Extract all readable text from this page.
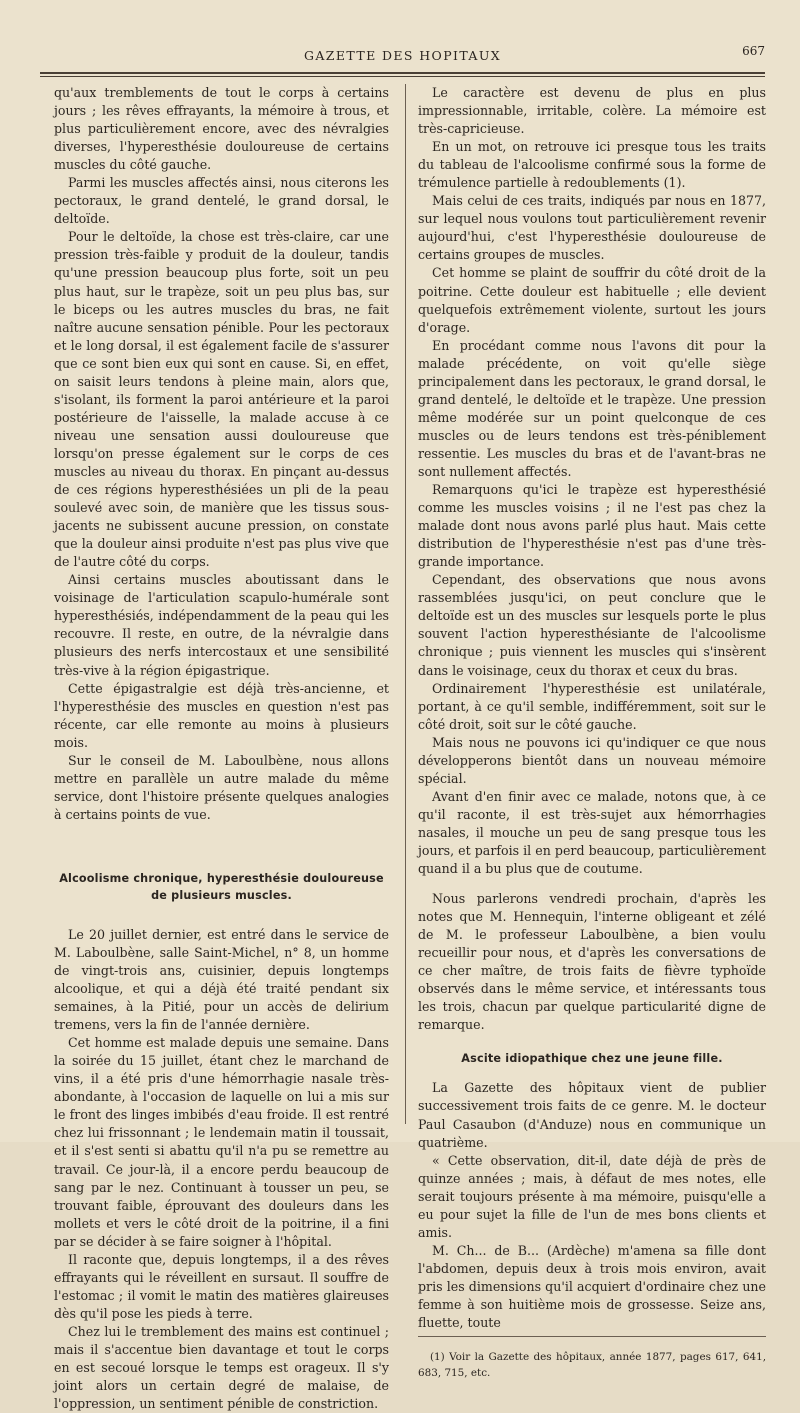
GAZETTE DES HOPITAUX	667

qu'aux tremblements de tout le corps à certains jours ; les rêves effrayants, la mémoire à trous, et plus particulièrement encore, avec des névralgies diverses, l'hyperesthésie douloureuse de certains muscles du côté gauche.

Parmi les muscles affectés ainsi, nous citerons les pectoraux, le grand dentelé, le grand dorsal, le deltoïde.

Pour le deltoïde, la chose est très-claire, car une pression très-faible y produit de la douleur, tandis qu'une pression beaucoup plus forte, soit un peu plus haut, sur le trapèze, soit un peu plus bas, sur le biceps ou les autres muscles du bras, ne fait naître aucune sensation pénible. Pour les pectoraux et le long dorsal, il est également facile de s'assurer que ce sont bien eux qui sont en cause. Si, en effet, on saisit leurs tendons à pleine main, alors que, s'isolant, ils forment la paroi antérieure et la paroi postérieure de l'aisselle, la malade accuse à ce niveau une sensation aussi douloureuse que lorsqu'on presse également sur le corps de ces muscles au niveau du thorax. En pinçant au-dessus de ces régions hyperesthésiées un pli de la peau soulevé avec soin, de manière que les tissus sous-jacents ne subissent aucune pression, on constate que la douleur ainsi produite n'est pas plus vive que de l'autre côté du corps.

Ainsi certains muscles aboutissant dans le voisinage de l'articulation scapulo-humérale sont hyperesthésiés, indépendamment de la peau qui les recouvre. Il reste, en outre, de la névralgie dans plusieurs des nerfs intercostaux et une sensibilité très-vive à la région épigastrique.

Cette épigastralgie est déjà très-ancienne, et l'hyperesthésie des muscles en question n'est pas récente, car elle remonte au moins à plusieurs mois.

Sur le conseil de M. Laboulbène, nous allons mettre en parallèle un autre malade du même service, dont l'histoire présente quelques analogies à certains points de vue.

Alcoolisme chronique, hyperesthésie douloureuse
de plusieurs muscles.

Le 20 juillet dernier, est entré dans le service de M. Laboulbène, salle Saint-Michel, n° 8, un homme de vingt-trois ans, cuisinier, depuis longtemps alcoolique, et qui a déjà été traité pendant six semaines, à la Pitié, pour un accès de delirium tremens, vers la fin de l'année dernière.

Cet homme est malade depuis une semaine. Dans la soirée du 15 juillet, étant chez le marchand de vins, il a été pris d'une hémorrhagie nasale très-abondante, à l'occasion de laquelle on lui a mis sur le front des linges imbibés d'eau froide. Il est rentré chez lui frissonnant ; le lendemain matin il toussait, et il s'est senti si abattu qu'il n'a pu se remettre au travail. Ce jour-là, il a encore perdu beaucoup de sang par le nez. Continuant à tousser un peu, se trouvant faible, éprouvant des douleurs dans les mollets et vers le côté droit de la poitrine, il a fini par se décider à se faire soigner à l'hôpital.

Il raconte que, depuis longtemps, il a des rêves effrayants qui le réveillent en sursaut. Il souffre de l'estomac ; il vomit le matin des matières glaireuses dès qu'il pose les pieds à terre.

Chez lui le tremblement des mains est continuel ; mais il s'accentue bien davantage et tout le corps en est secoué lorsque le temps est orageux. Il s'y joint alors un certain degré de malaise, de l'oppression, un sentiment pénible de constriction.

Le caractère est devenu de plus en plus impressionnable, irritable, colère. La mémoire est très-capricieuse.

En un mot, on retrouve ici presque tous les traits du tableau de l'alcoolisme confirmé sous la forme de trémulence partielle à redoublements (1).

Mais celui de ces traits, indiqués par nous en 1877, sur lequel nous voulons tout particulièrement revenir aujourd'hui, c'est l'hyperesthésie douloureuse de certains groupes de muscles.

Cet homme se plaint de souffrir du côté droit de la poitrine. Cette douleur est habituelle ; elle devient quelquefois extrêmement violente, surtout les jours d'orage.

En procédant comme nous l'avons dit pour la malade précédente, on voit qu'elle siège principalement dans les pectoraux, le grand dorsal, le grand dentelé, le deltoïde et le trapèze. Une pression même modérée sur un point quelconque de ces muscles ou de leurs tendons est très-péniblement ressentie. Les muscles du bras et de l'avant-bras ne sont nullement affectés.

Remarquons qu'ici le trapèze est hyperesthésié comme les muscles voisins ; il ne l'est pas chez la malade dont nous avons parlé plus haut. Mais cette distribution de l'hyperesthésie n'est pas d'une très-grande importance.

Cependant, des observations que nous avons rassemblées jusqu'ici, on peut conclure que le deltoïde est un des muscles sur lesquels porte le plus souvent l'action hyperesthésiante de l'alcoolisme chronique ; puis viennent les muscles qui s'insèrent dans le voisinage, ceux du thorax et ceux du bras.

Ordinairement l'hyperesthésie est unilatérale, portant, à ce qu'il semble, indifféremment, soit sur le côté droit, soit sur le côté gauche.

Mais nous ne pouvons ici qu'indiquer ce que nous développerons bientôt dans un nouveau mémoire spécial.

Avant d'en finir avec ce malade, notons que, à ce qu'il raconte, il est très-sujet aux hémorrhagies nasales, il mouche un peu de sang presque tous les jours, et parfois il en perd beaucoup, particulièrement quand il a bu plus que de coutume.

Nous parlerons vendredi prochain, d'après les notes que M. Hennequin, l'interne obligeant et zélé de M. le professeur Laboulbène, a bien voulu recueillir pour nous, et d'après les conversations de ce cher maître, de trois faits de fièvre typhoïde observés dans le même service, et intéressants tous les trois, chacun par quelque particularité digne de remarque.

Ascite idiopathique chez une jeune fille.

La Gazette des hôpitaux vient de publier successivement trois faits de ce genre. M. le docteur Paul Casaubon (d'Anduze) nous en communique un quatrième.

« Cette observation, dit-il, date déjà de près de quinze années ; mais, à défaut de mes notes, elle serait toujours présente à ma mémoire, puisqu'elle a eu pour sujet la fille de l'un de mes bons clients et amis.

M. Ch... de B... (Ardèche) m'amena sa fille dont l'abdomen, depuis deux à trois mois environ, avait pris les dimensions qu'il acquiert d'ordinaire chez une femme à son huitième mois de grossesse. Seize ans, fluette, toute

(1) Voir la Gazette des hôpitaux, année 1877, pages 617, 641, 683, 715, etc.
